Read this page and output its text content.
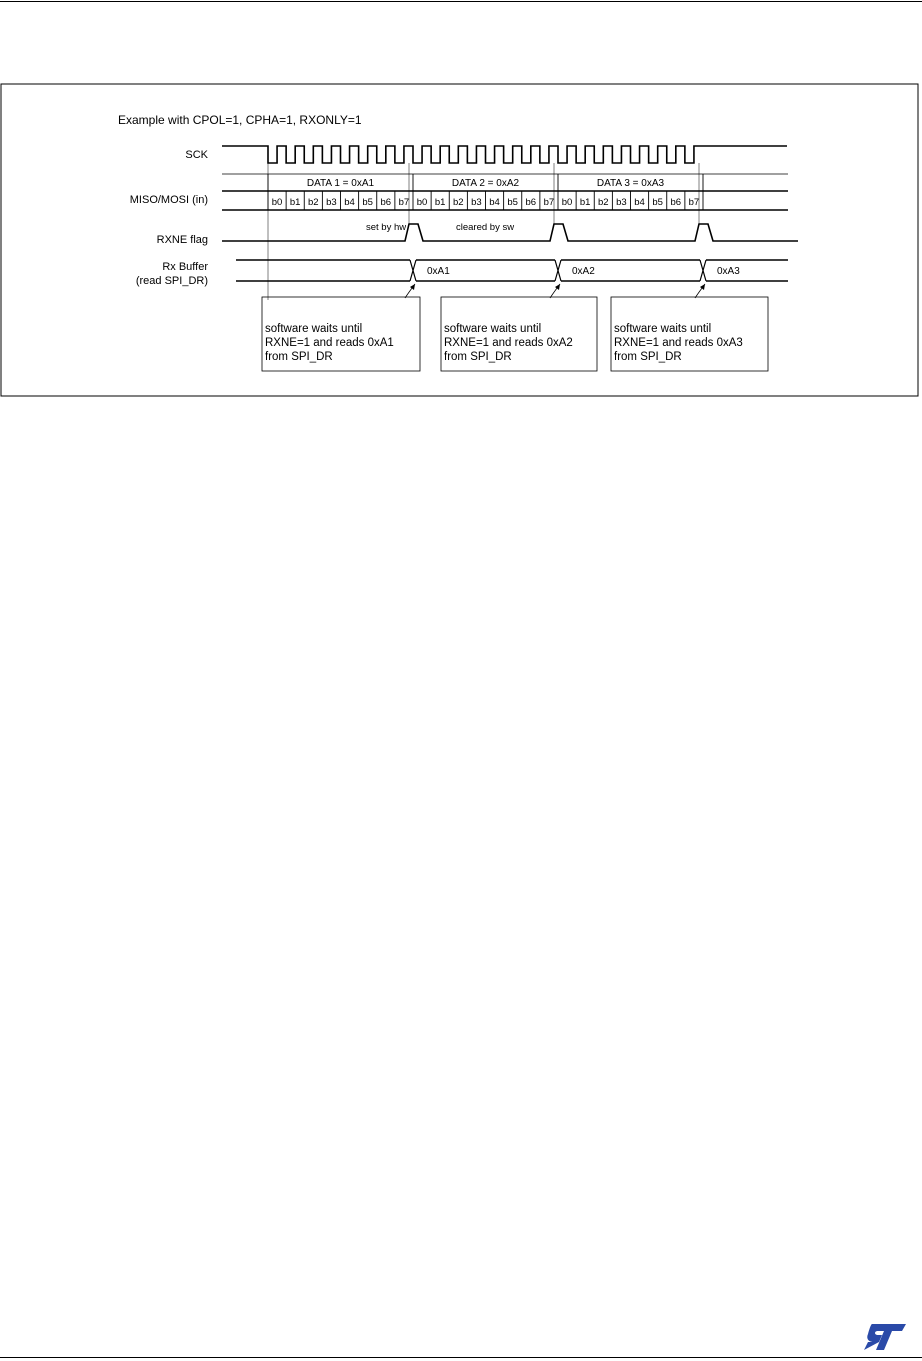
Example with CPOL=1, CPHA=1, RXONLY=1
SCK
MISO/MOSI (in)
RXNE flag
Rx Buffer
(read SPI_DR)
b0 b1 b2 b3 b4 b5 b6 b7 b0 b1 b2 b3 b4 b5 b6 b7 b0 b1 b2 b3 b4 b5 b6 b7
DATA 1 = 0xA1	DATA 2 = 0xA2	DATA 3 = 0xA3
set by hw	cleared by sw
0xA1	0xA2	0xA3
software waits until
RXNE=1 and reads 0xA1
from SPI_DR
software waits until
RXNE=1 and reads 0xA2
from SPI_DR
software waits until
RXNE=1 and reads 0xA3
from SPI_DR
